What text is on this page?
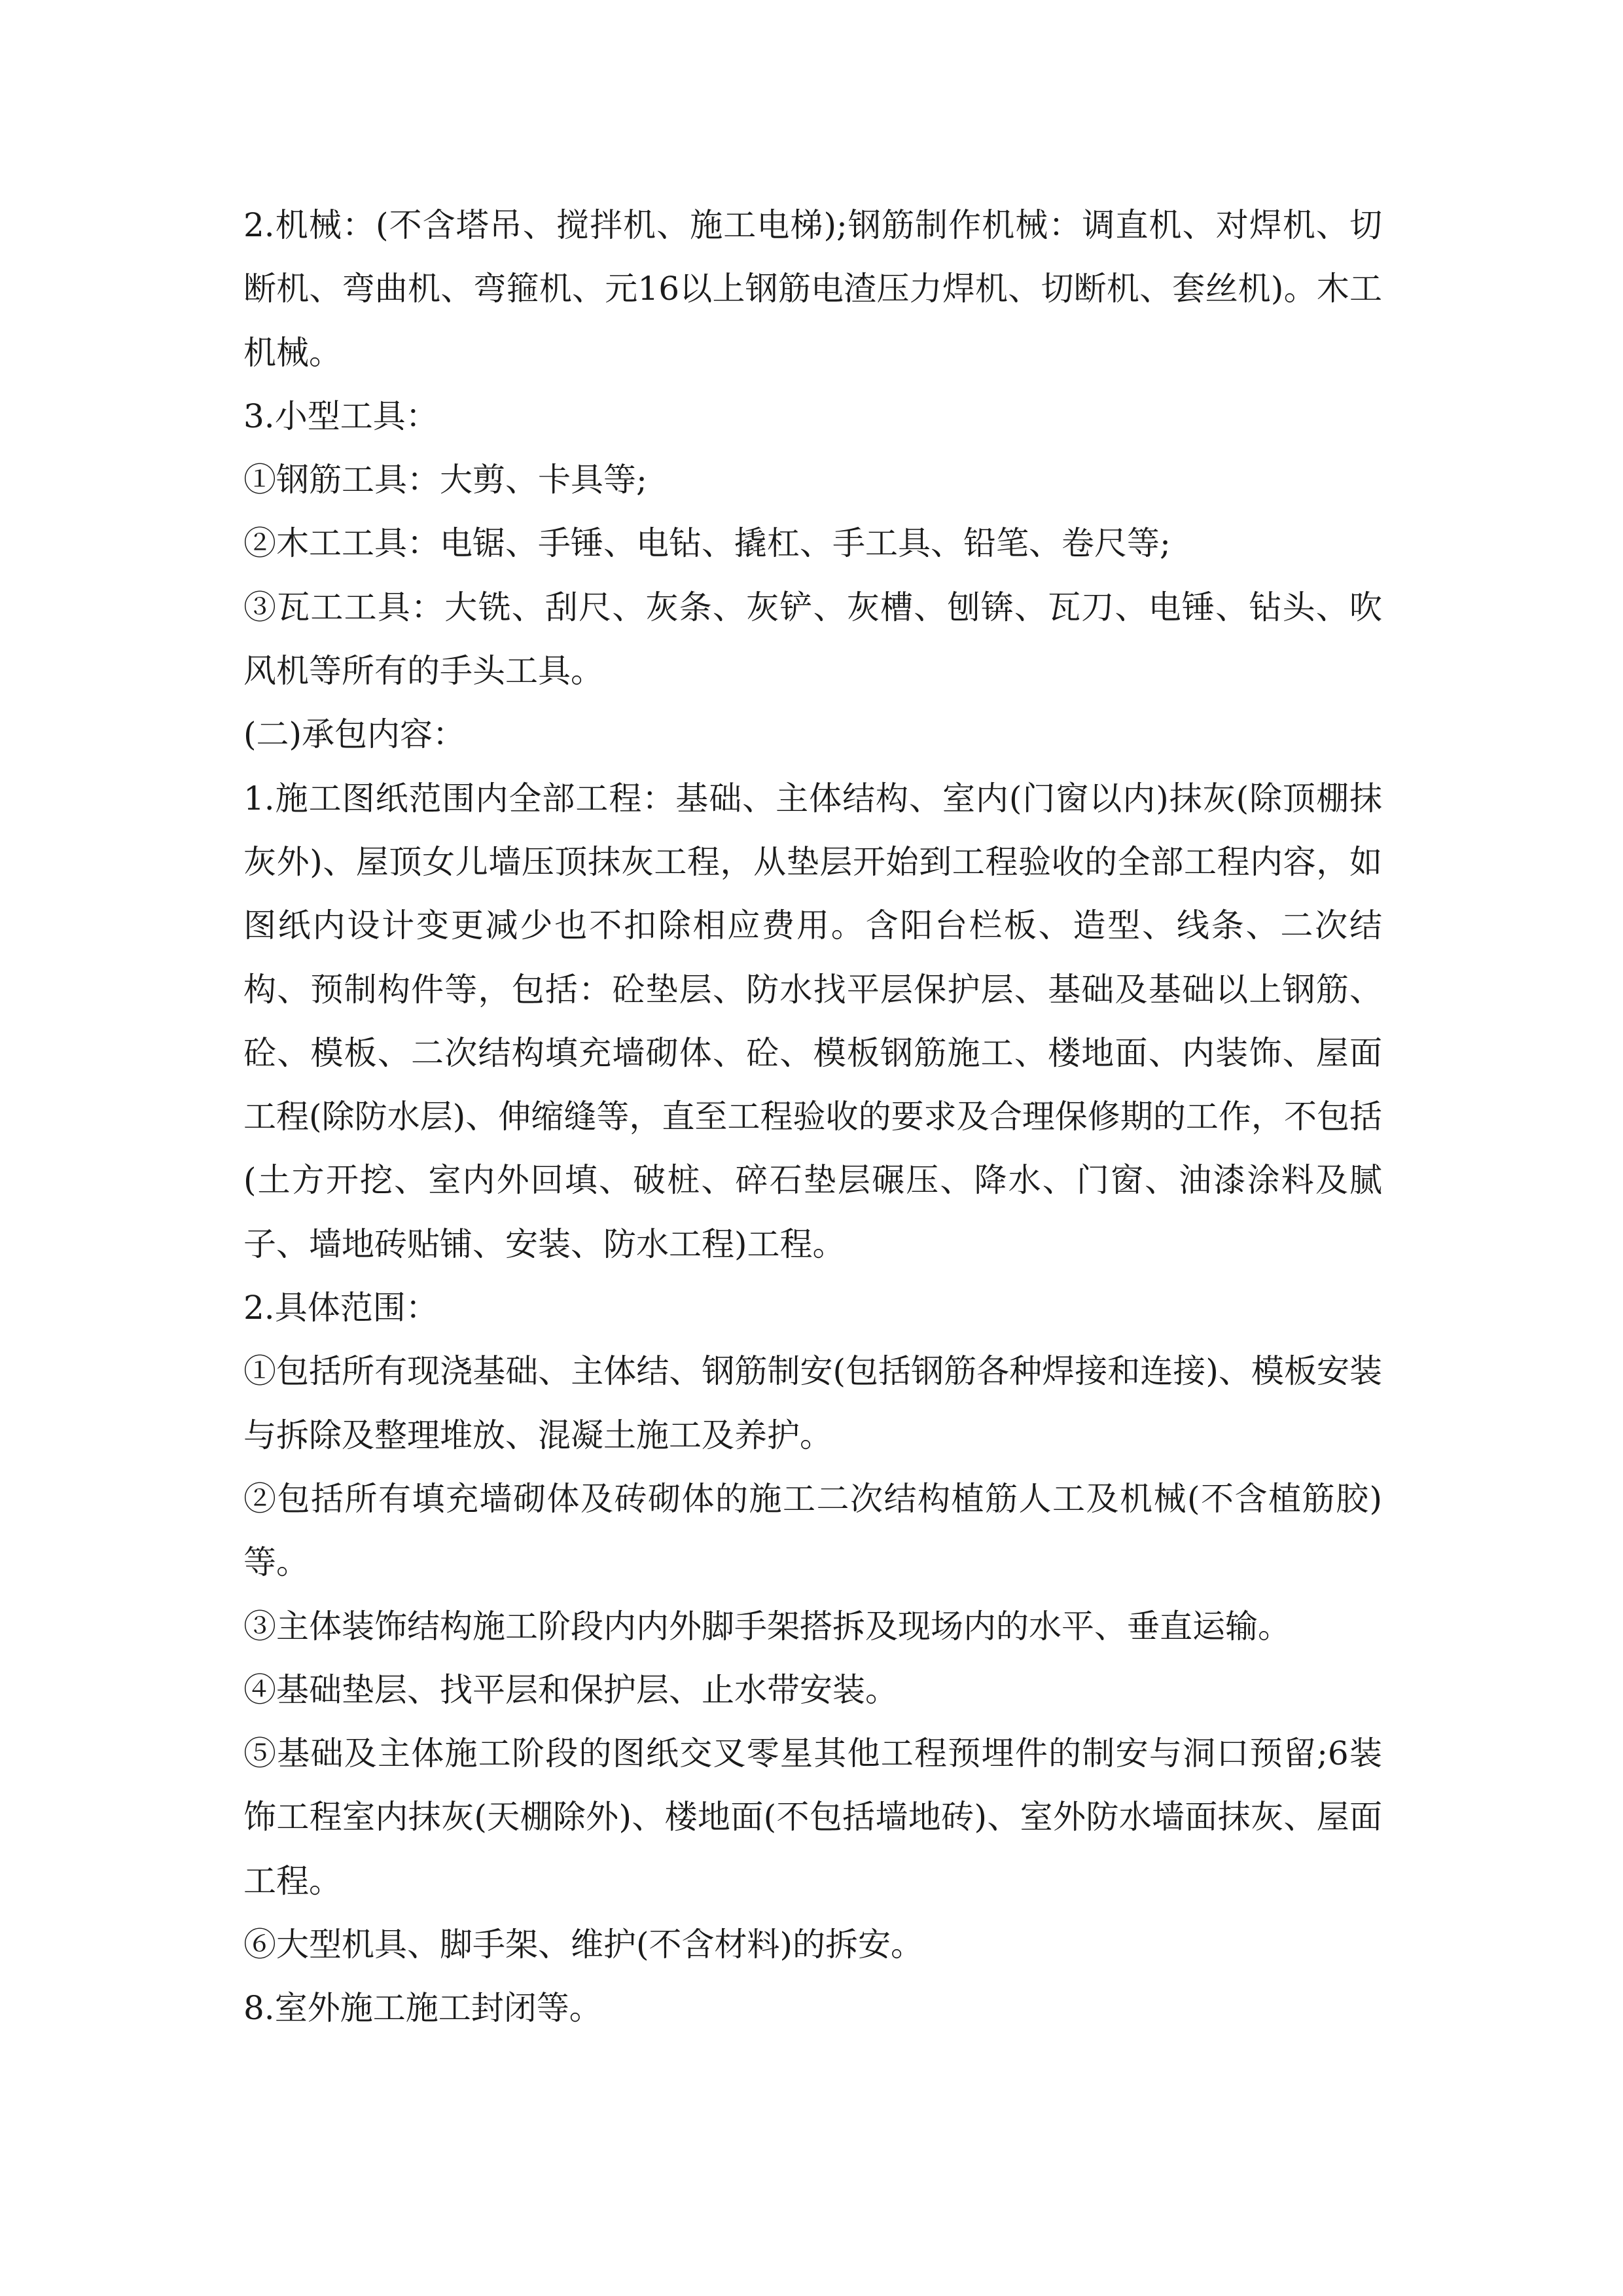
2.机械：(不含塔吊、搅拌机、施工电梯);钢筋制作机械：调直机、对焊机、切断机、弯曲机、弯箍机、元16以上钢筋电渣压力焊机、切断机、套丝机)。木工机械。

3.小型工具：

①钢筋工具：大剪、卡具等;

②木工工具：电锯、手锤、电钻、撬杠、手工具、铅笔、卷尺等;

③瓦工工具：大铣、刮尺、灰条、灰铲、灰槽、刨锛、瓦刀、电锤、钻头、吹风机等所有的手头工具。

(二)承包内容：

1.施工图纸范围内全部工程：基础、主体结构、室内(门窗以内)抹灰(除顶棚抹灰外)、屋顶女儿墙压顶抹灰工程，从垫层开始到工程验收的全部工程内容，如图纸内设计变更减少也不扣除相应费用。含阳台栏板、造型、线条、二次结构、预制构件等，包括：砼垫层、防水找平层保护层、基础及基础以上钢筋、砼、模板、二次结构填充墙砌体、砼、模板钢筋施工、楼地面、内装饰、屋面工程(除防水层)、伸缩缝等，直至工程验收的要求及合理保修期的工作，不包括(土方开挖、室内外回填、破桩、碎石垫层碾压、降水、门窗、油漆涂料及腻子、墙地砖贴铺、安装、防水工程)工程。

2.具体范围：

①包括所有现浇基础、主体结、钢筋制安(包括钢筋各种焊接和连接)、模板安装与拆除及整理堆放、混凝土施工及养护。

②包括所有填充墙砌体及砖砌体的施工二次结构植筋人工及机械(不含植筋胶)等。

③主体装饰结构施工阶段内内外脚手架搭拆及现场内的水平、垂直运输。

④基础垫层、找平层和保护层、止水带安装。

⑤基础及主体施工阶段的图纸交叉零星其他工程预埋件的制安与洞口预留;6装饰工程室内抹灰(天棚除外)、楼地面(不包括墙地砖)、室外防水墙面抹灰、屋面工程。

⑥大型机具、脚手架、维护(不含材料)的拆安。

8.室外施工施工封闭等。
